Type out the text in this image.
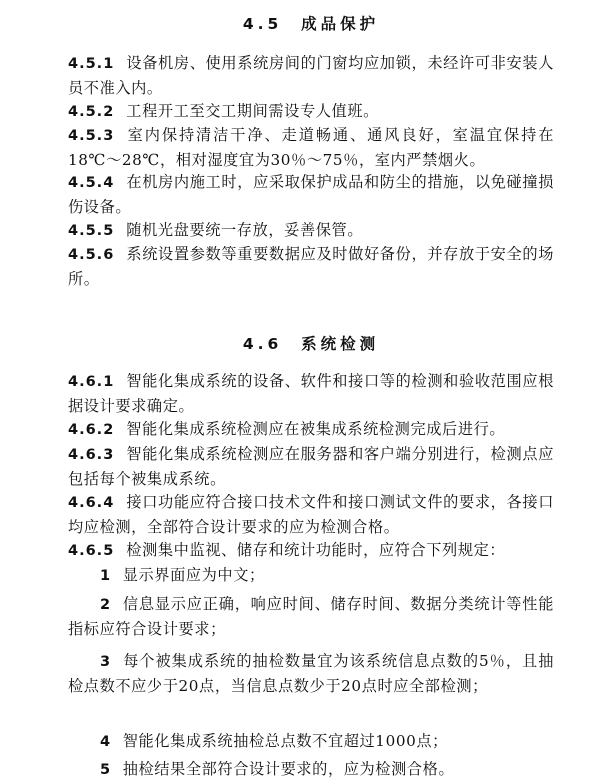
4.5  成品保护
4.5.1 设备机房、使用系统房间的门窗均应加锁，未经许可非安装人员不准入内。
4.5.2 工程开工至交工期间需设专人值班。
4.5.3 室内保持清洁干净、走道畅通、通风良好，室温宜保持在18℃～28℃，相对湿度宜为30％～75％，室内严禁烟火。
4.5.4 在机房内施工时，应采取保护成品和防尘的措施，以免碰撞损伤设备。
4.5.5 随机光盘要统一存放，妥善保管。
4.5.6 系统设置参数等重要数据应及时做好备份，并存放于安全的场所。
4.6  系统检测
4.6.1 智能化集成系统的设备、软件和接口等的检测和验收范围应根据设计要求确定。
4.6.2 智能化集成系统检测应在被集成系统检测完成后进行。
4.6.3 智能化集成系统检测应在服务器和客户端分别进行，检测点应包括每个被集成系统。
4.6.4 接口功能应符合接口技术文件和接口测试文件的要求，各接口均应检测，全部符合设计要求的应为检测合格。
4.6.5 检测集中监视、储存和统计功能时，应符合下列规定：
1 显示界面应为中文；
2 信息显示应正确，响应时间、储存时间、数据分类统计等性能指标应符合设计要求；
3 每个被集成系统的抽检数量宜为该系统信息点数的5％，且抽检点数不应少于20点，当信息点数少于20点时应全部检测；
4 智能化集成系统抽检总点数不宜超过1000点；
5 抽检结果全部符合设计要求的，应为检测合格。
